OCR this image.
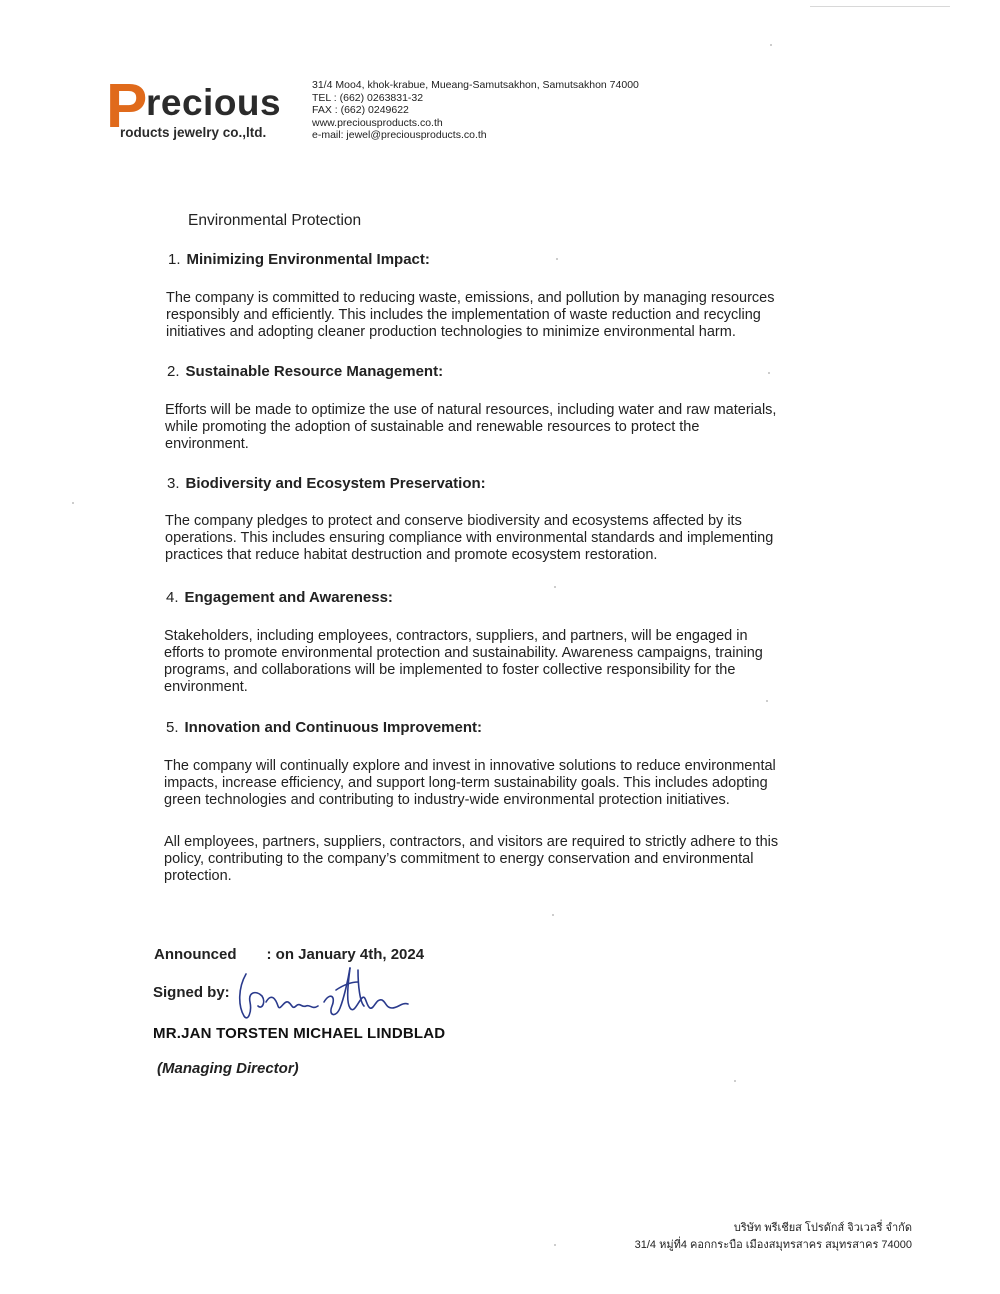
P
recious
roducts jewelry co.,ltd.
31/4 Moo4, khok-krabue, Mueang-Samutsakhon, Samutsakhon 74000
TEL : (662) 0263831-32
FAX : (662) 0249622
www.preciousproducts.co.th
e-mail: jewel@preciousproducts.co.th
Environmental Protection
1. Minimizing Environmental Impact:
The company is committed to reducing waste, emissions, and pollution by managing resources
responsibly and efficiently. This includes the implementation of waste reduction and recycling
initiatives and adopting cleaner production technologies to minimize environmental harm.
2. Sustainable Resource Management:
Efforts will be made to optimize the use of natural resources, including water and raw materials,
while promoting the adoption of sustainable and renewable resources to protect the
environment.
3. Biodiversity and Ecosystem Preservation:
The company pledges to protect and conserve biodiversity and ecosystems affected by its
operations. This includes ensuring compliance with environmental standards and implementing
practices that reduce habitat destruction and promote ecosystem restoration.
4. Engagement and Awareness:
Stakeholders, including employees, contractors, suppliers, and partners, will be engaged in
efforts to promote environmental protection and sustainability. Awareness campaigns, training
programs, and collaborations will be implemented to foster collective responsibility for the
environment.
5. Innovation and Continuous Improvement:
The company will continually explore and invest in innovative solutions to reduce environmental
impacts, increase efficiency, and support long-term sustainability goals. This includes adopting
green technologies and contributing to industry-wide environmental protection initiatives.
All employees, partners, suppliers, contractors, and visitors are required to strictly adhere to this
policy, contributing to the company’s commitment to energy conservation and environmental
protection.
Announced : on January 4th, 2024
Signed by:
MR.JAN TORSTEN MICHAEL LINDBLAD
(Managing Director)
บริษัท พรีเชียส โปรดักส์ จิวเวลรี่ จำกัด
31/4 หมู่ที่4 คอกกระบือ เมืองสมุทรสาคร สมุทรสาคร 74000
